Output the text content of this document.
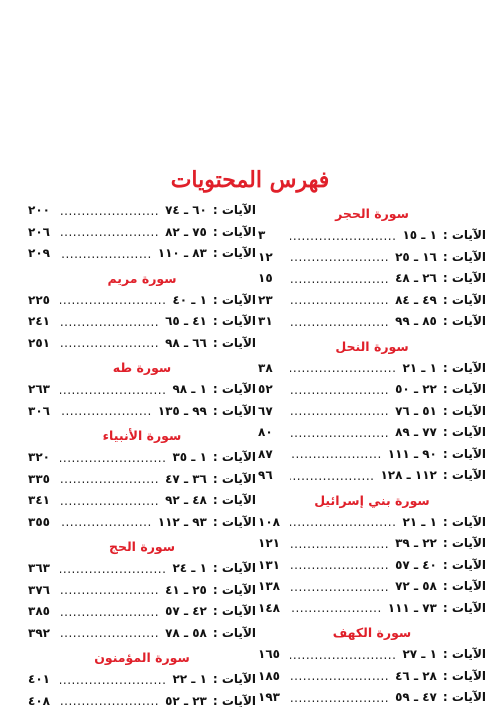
فهرس المحتويات
سورة الحجر
الآيات :
١ ـ ١٥
.....
٣
الآيات :
١٦ ـ ٢٥
.....
١٢
الآيات :
٢٦ ـ ٤٨
.....
١٥
الآيات :
٤٩ ـ ٨٤
.....
٢٣
الآيات :
٨٥ ـ ٩٩
.....
٣١
سورة النحل
الآيات :
١ ـ ٢١
.....
٣٨
الآيات :
٢٢ ـ ٥٠
.....
٥٢
الآيات :
٥١ ـ ٧٦
.....
٦٧
الآيات :
٧٧ ـ ٨٩
.....
٨٠
الآيات :
٩٠ ـ ١١١
.....
٨٧
الآيات :
١١٢ ـ ١٢٨
.....
٩٦
سورة بني إسرائيل
الآيات :
١ ـ ٢١
.....
١٠٨
الآيات :
٢٢ ـ ٣٩
.....
١٢١
الآيات :
٤٠ ـ ٥٧
.....
١٣١
الآيات :
٥٨ ـ ٧٢
.....
١٣٨
الآيات :
٧٣ ـ ١١١
.....
١٤٨
سورة الكهف
الآيات :
١ ـ ٢٧
.....
١٦٥
الآيات :
٢٨ ـ ٤٦
.....
١٨٥
الآيات :
٤٧ ـ ٥٩
.....
١٩٣
الآيات :
٦٠ ـ ٧٤
.....
٢٠٠
الآيات :
٧٥ ـ ٨٢
.....
٢٠٦
الآيات :
٨٣ ـ ١١٠
.....
٢٠٩
سورة مريم
الآيات :
١ ـ ٤٠
.....
٢٢٥
الآيات :
٤١ ـ ٦٥
.....
٢٤١
الآيات :
٦٦ ـ ٩٨
.....
٢٥١
سورة طه
الآيات :
١ ـ ٩٨
.....
٢٦٣
الآيات :
٩٩ ـ ١٣٥
.....
٣٠٦
سورة الأنبياء
الآيات :
١ ـ ٣٥
.....
٣٢٠
الآيات :
٣٦ ـ ٤٧
.....
٣٣٥
الآيات :
٤٨ ـ ٩٢
.....
٣٤١
الآيات :
٩٣ ـ ١١٢
.....
٣٥٥
سورة الحج
الآيات :
١ ـ ٢٤
.....
٣٦٣
الآيات :
٢٥ ـ ٤١
.....
٣٧٦
الآيات :
٤٢ ـ ٥٧
.....
٣٨٥
الآيات :
٥٨ ـ ٧٨
.....
٣٩٢
سورة المؤمنون
الآيات :
١ ـ ٢٢
.....
٤٠١
الآيات :
٢٣ ـ ٥٢
.....
٤٠٨
